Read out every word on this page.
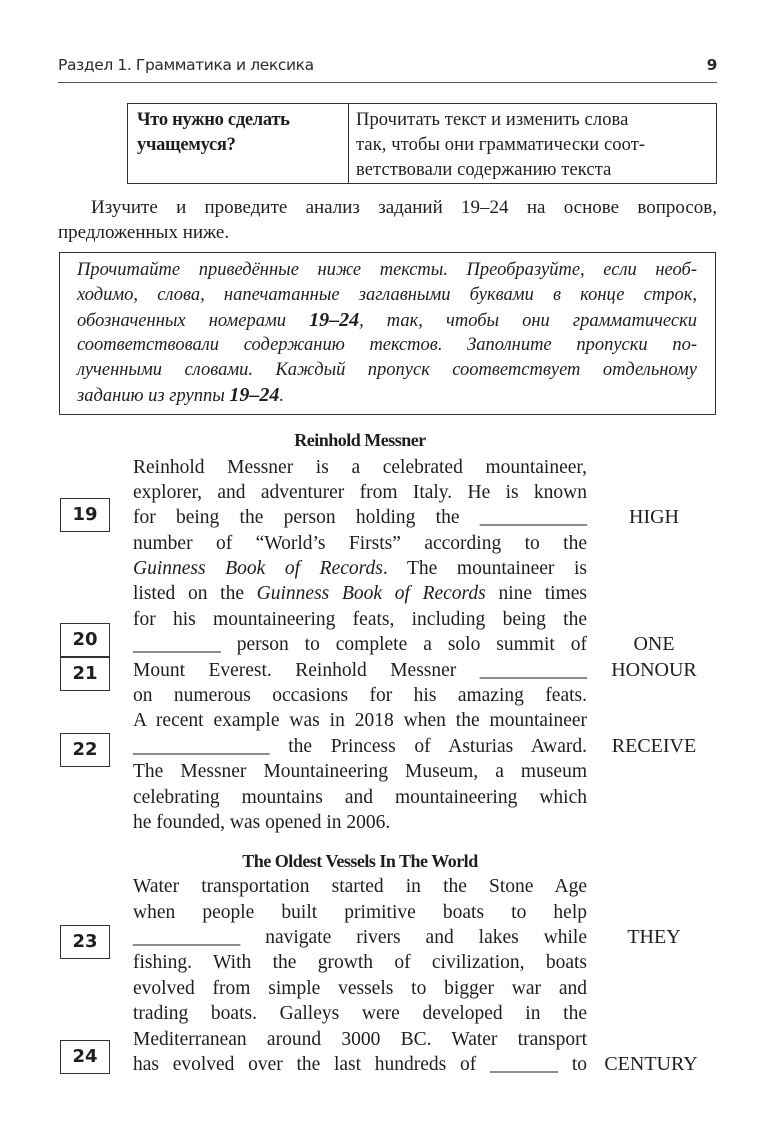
Раздел 1. Грамматика и лексика	9
Что нужно сделать
учащемуся?
Прочитать текст и изменить слова
так, чтобы они грамматически соот-
ветствовали содержанию текста
Изучите и проведите анализ заданий 19–24 на основе вопросов,
предложенных ниже.
Прочитайте приведённые ниже тексты. Преобразуйте, если необ-
ходимо, слова, напечатанные заглавными буквами в конце строк,
обозначенных номерами 19–24, так, чтобы они грамматически
соответствовали содержанию текстов. Заполните пропуски по-
лученными словами. Каждый пропуск соответствует отдельному
заданию из группы 19–24.
Reinhold Messner
Reinhold Messner is a celebrated mountaineer,
explorer, and adventurer from Italy. He is known
for being the person holding the ___________
number of “World’s Firsts” according to the
Guinness Book of Records. The mountaineer is
listed on the Guinness Book of Records nine times
for his mountaineering feats, including being the
_________ person to complete a solo summit of
Mount Everest. Reinhold Messner ___________
on numerous occasions for his amazing feats.
A recent example was in 2018 when the mountaineer
______________ the Princess of Asturias Award.
The Messner Mountaineering Museum, a museum
celebrating mountains and mountaineering which
he founded, was opened in 2006.
19
20
21
22
HIGH
ONE
HONOUR
RECEIVE
The Oldest Vessels In The World
Water transportation started in the Stone Age
when people built primitive boats to help
___________ navigate rivers and lakes while
fishing. With the growth of civilization, boats
evolved from simple vessels to bigger war and
trading boats. Galleys were developed in the
Mediterranean around 3000 BC. Water transport
has evolved over the last hundreds of _______ to
23
24
THEY
CENTURY
